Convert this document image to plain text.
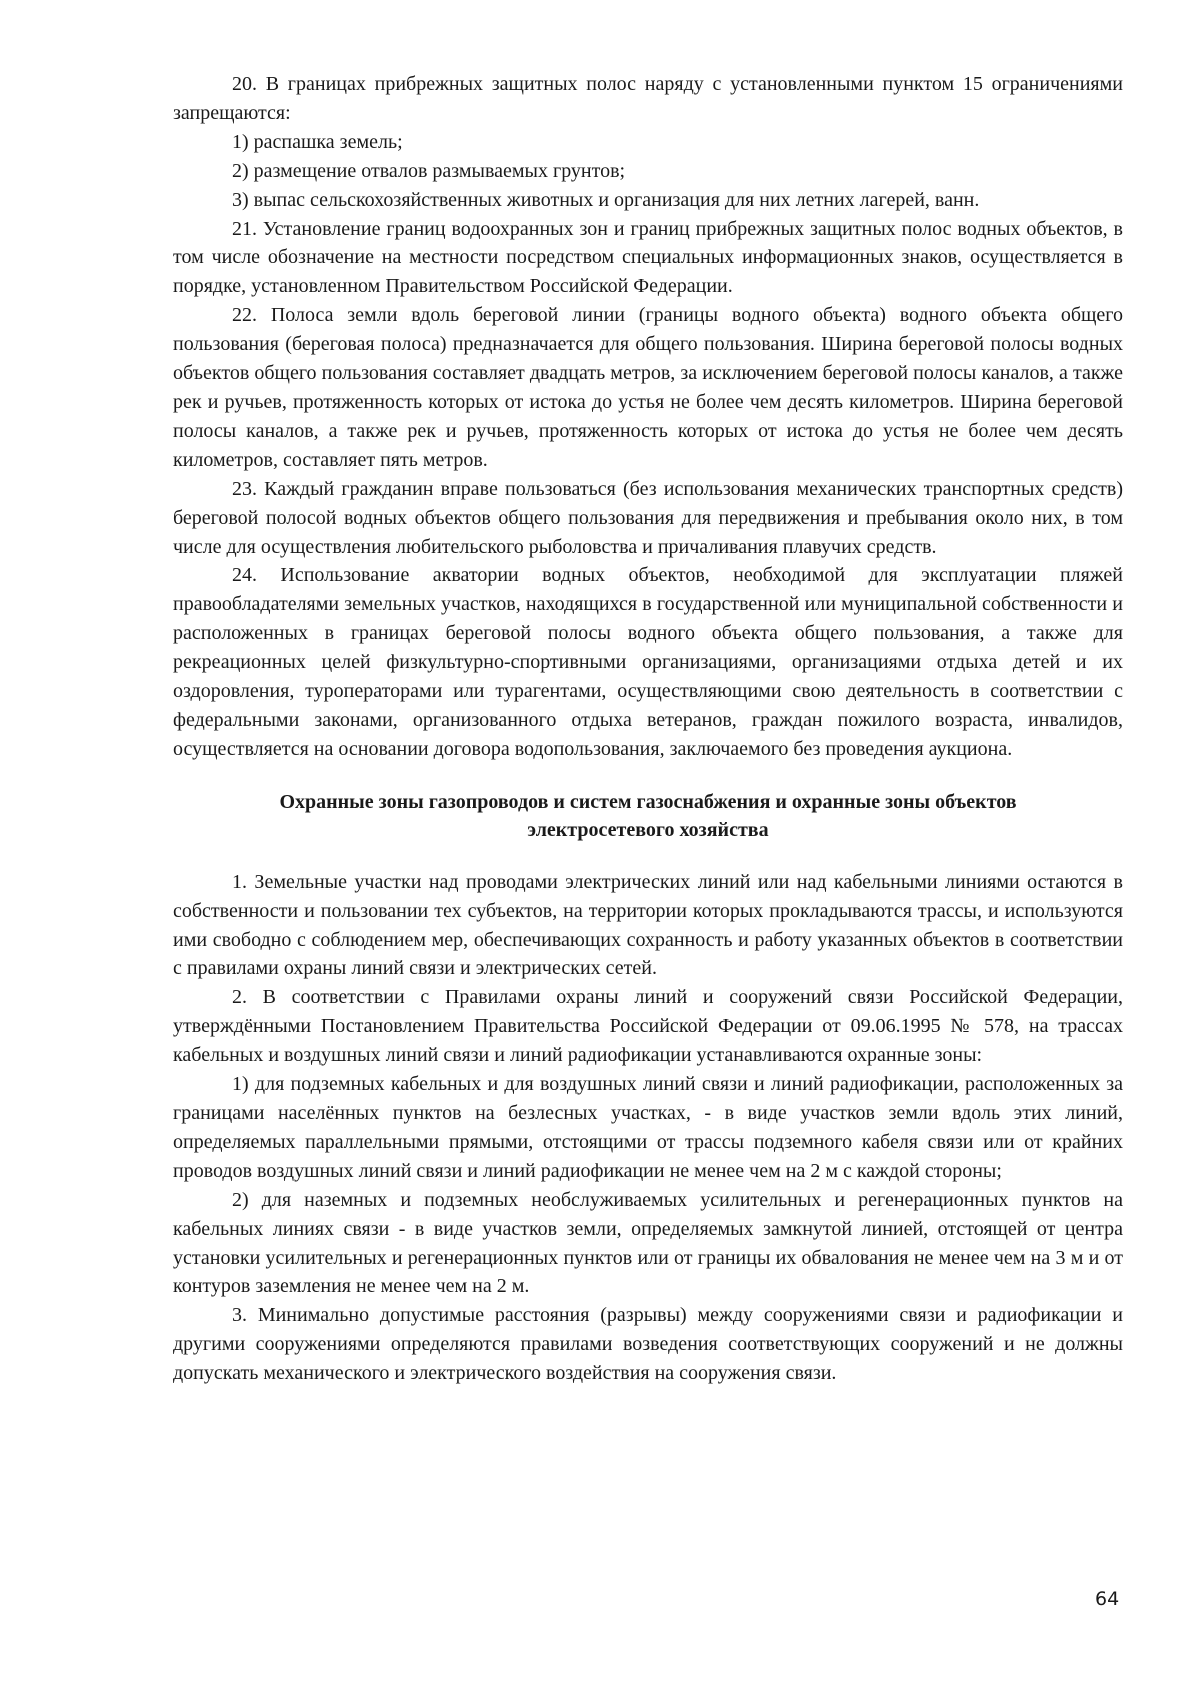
20. В границах прибрежных защитных полос наряду с установленными пунктом 15 ограничениями запрещаются:

1) распашка земель;

2) размещение отвалов размываемых грунтов;

3) выпас сельскохозяйственных животных и организация для них летних лагерей, ванн.

21. Установление границ водоохранных зон и границ прибрежных защитных полос водных объектов, в том числе обозначение на местности посредством специальных информационных знаков, осуществляется в порядке, установленном Правительством Российской Федерации.

22. Полоса земли вдоль береговой линии (границы водного объекта) водного объекта общего пользования (береговая полоса) предназначается для общего пользования. Ширина береговой полосы водных объектов общего пользования составляет двадцать метров, за исключением береговой полосы каналов, а также рек и ручьев, протяженность которых от истока до устья не более чем десять километров. Ширина береговой полосы каналов, а также рек и ручьев, протяженность которых от истока до устья не более чем десять километров, составляет пять метров.

23. Каждый гражданин вправе пользоваться (без использования механических транспортных средств) береговой полосой водных объектов общего пользования для передвижения и пребывания около них, в том числе для осуществления любительского рыболовства и причаливания плавучих средств.

24. Использование акватории водных объектов, необходимой для эксплуатации пляжей правообладателями земельных участков, находящихся в государственной или муниципальной собственности и расположенных в границах береговой полосы водного объекта общего пользования, а также для рекреационных целей физкультурно-спортивными организациями, организациями отдыха детей и их оздоровления, туроператорами или турагентами, осуществляющими свою деятельность в соответствии с федеральными законами, организованного отдыха ветеранов, граждан пожилого возраста, инвалидов, осуществляется на основании договора водопользования, заключаемого без проведения аукциона.

Охранные зоны газопроводов и систем газоснабжения и охранные зоны объектов
электросетевого хозяйства

1. Земельные участки над проводами электрических линий или над кабельными линиями остаются в собственности и пользовании тех субъектов, на территории которых прокладываются трассы, и используются ими свободно с соблюдением мер, обеспечивающих сохранность и работу указанных объектов в соответствии с правилами охраны линий связи и электрических сетей.

2. В соответствии с Правилами охраны линий и сооружений связи Российской Федерации, утверждёнными Постановлением Правительства Российской Федерации от 09.06.1995 № 578, на трассах кабельных и воздушных линий связи и линий радиофикации устанавливаются охранные зоны:

1) для подземных кабельных и для воздушных линий связи и линий радиофикации, расположенных за границами населённых пунктов на безлесных участках, - в виде участков земли вдоль этих линий, определяемых параллельными прямыми, отстоящими от трассы подземного кабеля связи или от крайних проводов воздушных линий связи и линий радиофикации не менее чем на 2 м с каждой стороны;

2) для наземных и подземных необслуживаемых усилительных и регенерационных пунктов на кабельных линиях связи - в виде участков земли, определяемых замкнутой линией, отстоящей от центра установки усилительных и регенерационных пунктов или от границы их обвалования не менее чем на 3 м и от контуров заземления не менее чем на 2 м.

3. Минимально допустимые расстояния (разрывы) между сооружениями связи и радиофикации и другими сооружениями определяются правилами возведения соответствующих сооружений и не должны допускать механического и электрического воздействия на сооружения связи.

64
